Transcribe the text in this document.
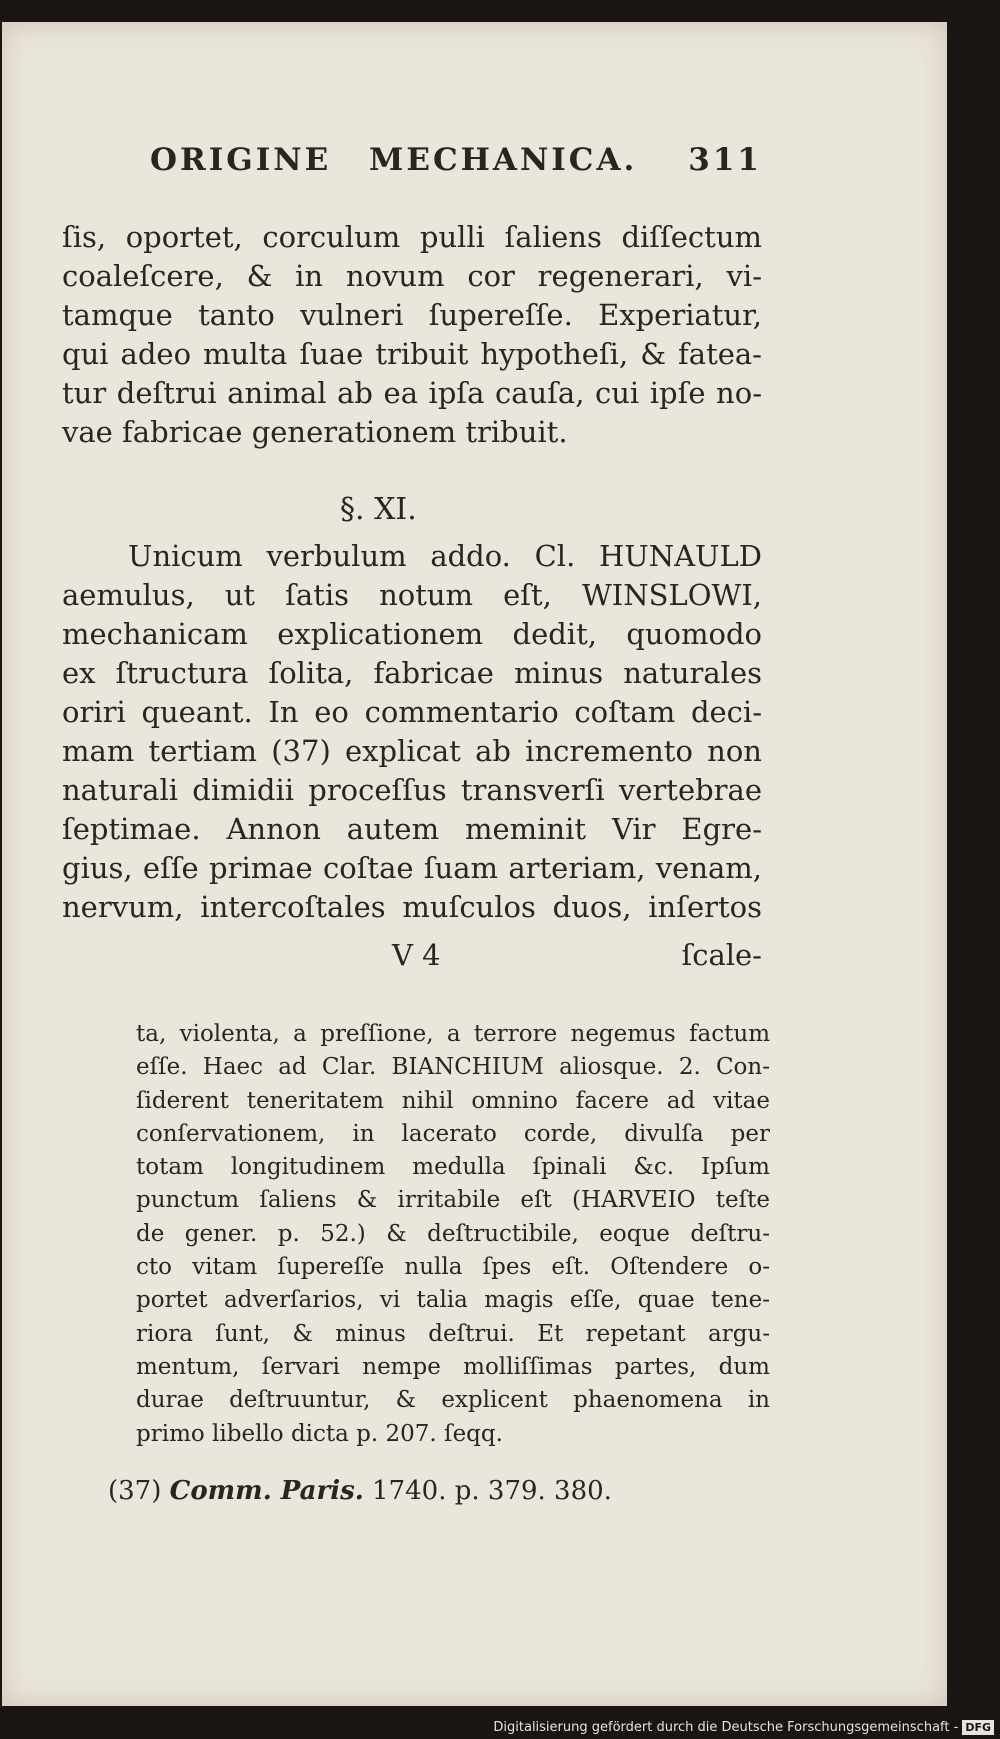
ORIGINE MECHANICA. 311
ſis, oportet, corculum pulli ſaliens diſſectum
coaleſcere, & in novum cor regenerari, vi-
tamque tanto vulneri ſupereſſe. Experiatur,
qui adeo multa ſuae tribuit hypotheſi, & fatea-
tur deſtrui animal ab ea ipſa cauſa, cui ipſe no-
vae fabricae generationem tribuit.
§. XI.
Unicum verbulum addo. Cl. HUNAULD
aemulus, ut ſatis notum eſt, WINSLOWI,
mechanicam explicationem dedit, quomodo
ex ſtructura ſolita, fabricae minus naturales
oriri queant. In eo commentario coſtam deci-
mam tertiam (37) explicat ab incremento non
naturali dimidii proceſſus transverſi vertebrae
ſeptimae. Annon autem meminit Vir Egre-
gius, eſſe primae coſtae ſuam arteriam, venam,
nervum, intercoſtales muſculos duos, inſertos
V 4	ſcale-
ta, violenta, a preſſione, a terrore negemus factum
eſſe. Haec ad Clar. BIANCHIUM aliosque. 2. Con-
ſiderent teneritatem nihil omnino facere ad vitae
conſervationem, in lacerato corde, divulſa per
totam longitudinem medulla ſpinali &c. Ipſum
punctum ſaliens & irritabile eſt (HARVEIO teſte
de gener. p. 52.) & deſtructibile, eoque deſtru-
cto vitam ſupereſſe nulla ſpes eſt. Oſtendere o-
portet adverſarios, vi talia magis eſſe, quae tene-
riora ſunt, & minus deſtrui. Et repetant argu-
mentum, ſervari nempe molliſſimas partes, dum
durae deſtruuntur, & explicent phaenomena in
primo libello dicta p. 207. ſeqq.
(37) Comm. Paris. 1740. p. 379. 380.
Digitalisierung gefördert durch die Deutsche Forschungsgemeinschaft - DFG
